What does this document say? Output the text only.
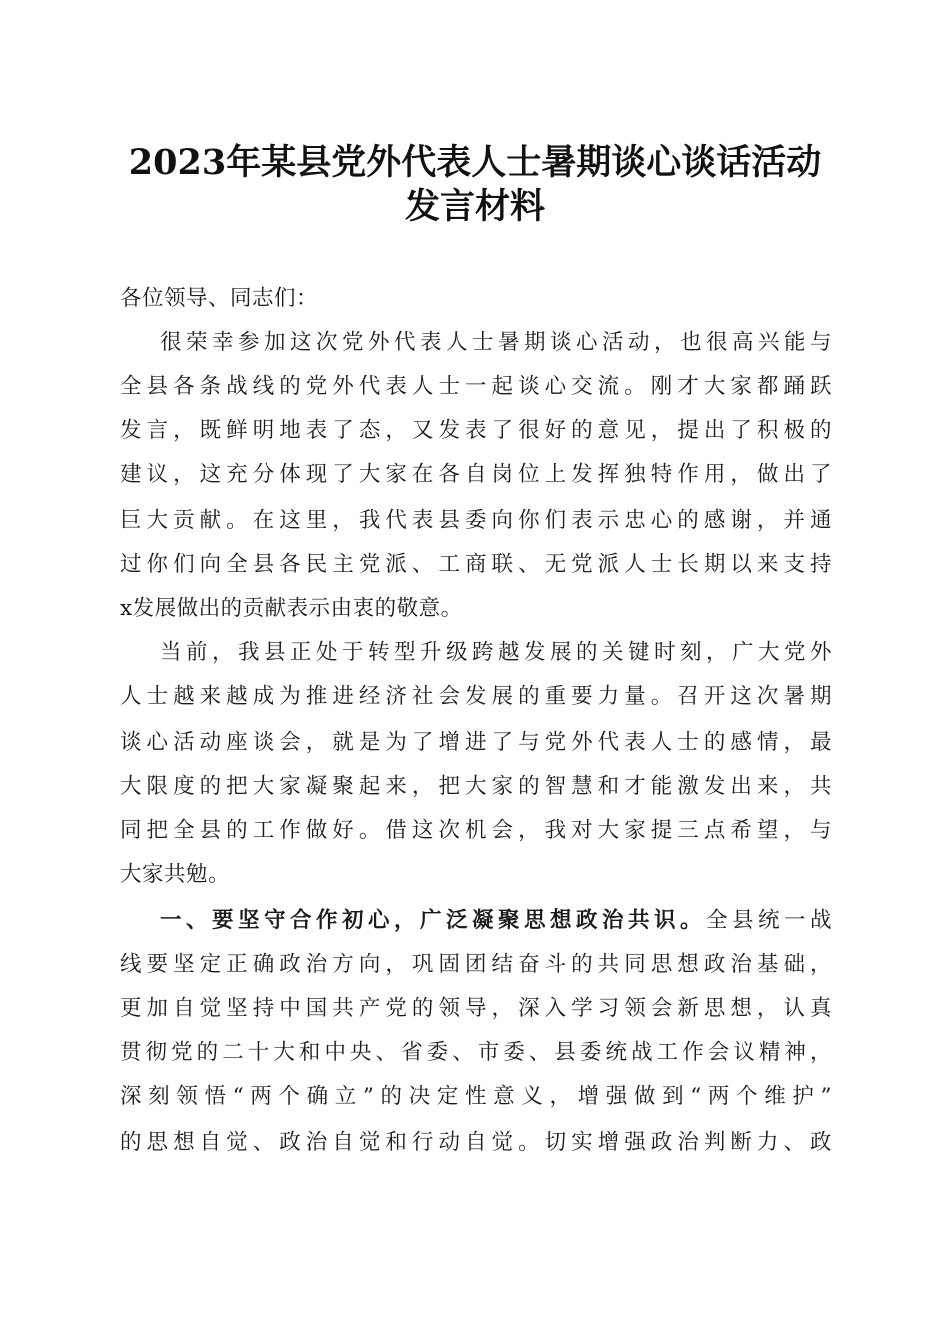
2023年某县党外代表人士暑期谈心谈话活动
发言材料
各位领导、同志们：
很荣幸参加这次党外代表人士暑期谈心活动，也很高兴能与
全县各条战线的党外代表人士一起谈心交流。刚才大家都踊跃
发言，既鲜明地表了态，又发表了很好的意见，提出了积极的
建议，这充分体现了大家在各自岗位上发挥独特作用，做出了
巨大贡献。在这里，我代表县委向你们表示忠心的感谢，并通
过你们向全县各民主党派、工商联、无党派人士长期以来支持
x发展做出的贡献表示由衷的敬意。
当前，我县正处于转型升级跨越发展的关键时刻，广大党外
人士越来越成为推进经济社会发展的重要力量。召开这次暑期
谈心活动座谈会，就是为了增进了与党外代表人士的感情，最
大限度的把大家凝聚起来，把大家的智慧和才能激发出来，共
同把全县的工作做好。借这次机会，我对大家提三点希望，与
大家共勉。
一、要坚守合作初心，广泛凝聚思想政治共识。全县统一战
线要坚定正确政治方向，巩固团结奋斗的共同思想政治基础，
更加自觉坚持中国共产党的领导，深入学习领会新思想，认真
贯彻党的二十大和中央、省委、市委、县委统战工作会议精神，
深刻领悟“两个确立”的决定性意义，增强做到“两个维护”
的思想自觉、政治自觉和行动自觉。切实增强政治判断力、政
